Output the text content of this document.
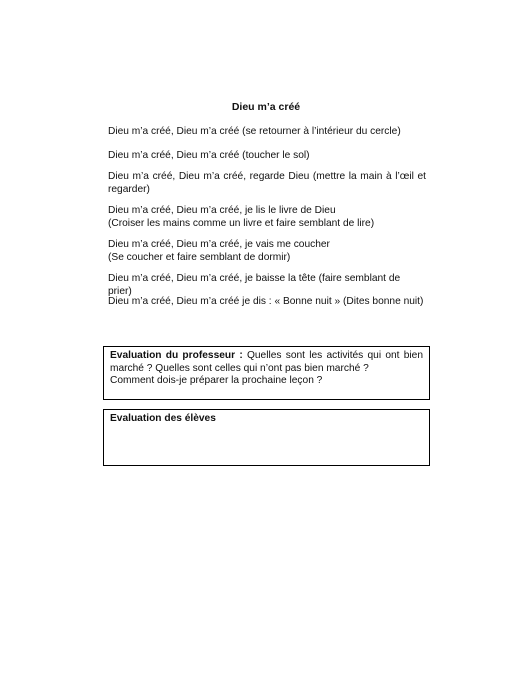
Dieu m’a créé

Dieu m’a créé, Dieu m’a créé (se retourner à l’intérieur du cercle)

Dieu m’a créé, Dieu m’a créé (toucher le sol)

Dieu m’a créé, Dieu m’a créé, regarde Dieu (mettre la main à l’œil et regarder)

Dieu m’a créé, Dieu m’a créé, je lis le livre de Dieu

(Croiser les mains comme un livre et faire semblant de lire)

Dieu m’a créé, Dieu m’a créé, je vais me coucher

(Se coucher et faire semblant de dormir)

Dieu m’a créé, Dieu m’a créé, je baisse la tête (faire semblant de prier)

Dieu m’a créé, Dieu m’a créé je dis : « Bonne nuit » (Dites bonne nuit)

Evaluation du professeur : Quelles sont les activités qui ont bien marché ? Quelles sont celles qui n’ont pas bien marché ?
Comment dois-je préparer la prochaine leçon ?
Evaluation des élèves
